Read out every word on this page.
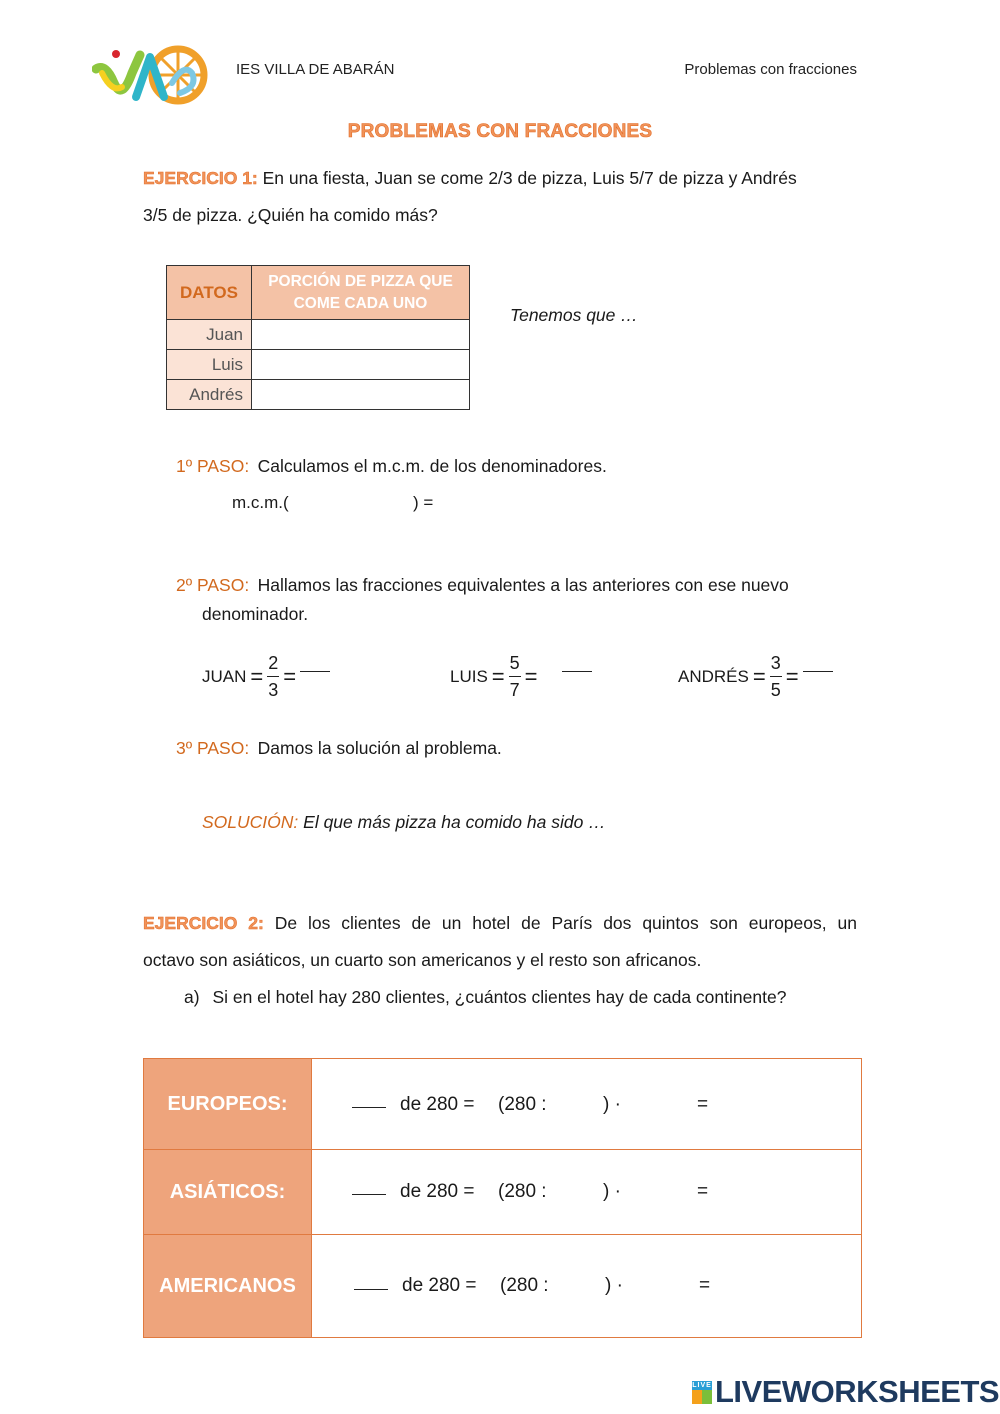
IES VILLA DE ABARÁN	Problemas con fracciones
PROBLEMAS CON FRACCIONES
EJERCICIO 1: En una fiesta, Juan se come 2/3 de pizza, Luis 5/7 de pizza y Andrés
3/5 de pizza. ¿Quién ha comido más?
DATOS	PORCIÓN DE PIZZA QUE COME CADA UNO
Juan	
Luis	
Andrés	
Tenemos que …
1º PASO: Calculamos el m.c.m. de los denominadores.
m.c.m.(	) =
2º PASO: Hallamos las fracciones equivalentes a las anteriores con ese nuevo
denominador.
JUAN = $\frac{2}{3}$ =	LUIS = $\frac{5}{7}$ =	ANDRÉS = $\frac{3}{5}$ =
3º PASO: Damos la solución al problema.
SOLUCIÓN: El que más pizza ha comido ha sido …
EJERCICIO 2: De los clientes de un hotel de París dos quintos son europeos, un
octavo son asiáticos, un cuarto son americanos y el resto son africanos.
a) Si en el hotel hay 280 clientes, ¿cuántos clientes hay de cada continente?
EUROPEOS:	de 280 = (280 : ) · =

ASIÁTICOS:	de 280 = (280 : ) · =

AMERICANOS	de 280 = (280 : ) · =
LIVE LIVEWORKSHEETS
